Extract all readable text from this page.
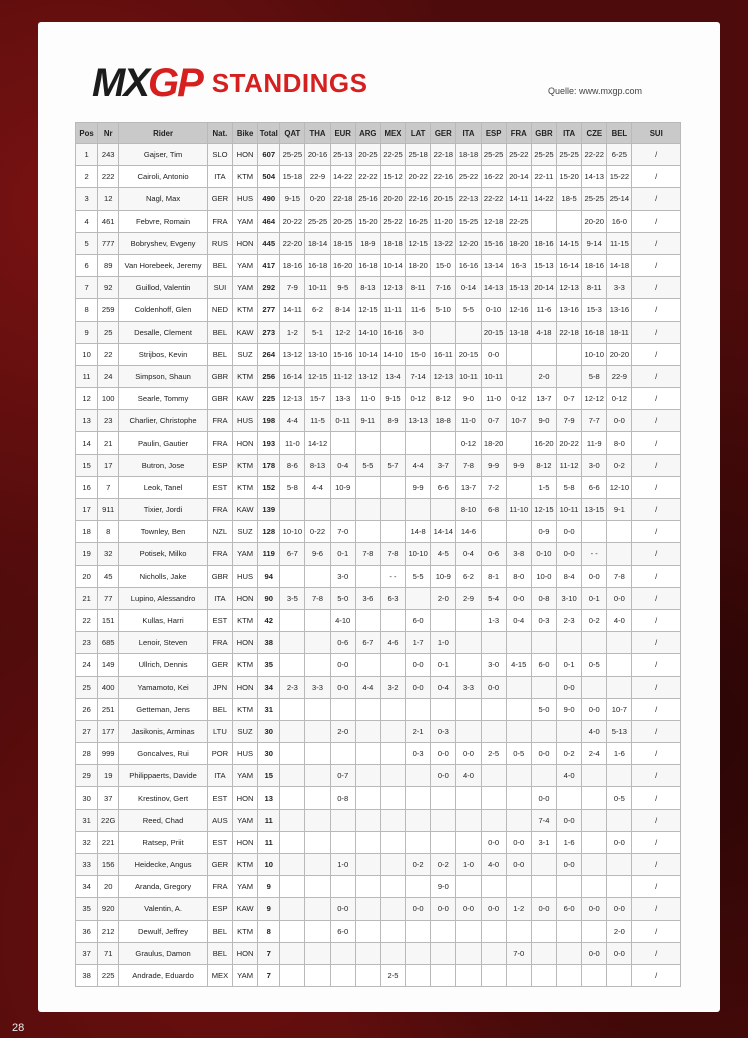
MX GP STANDINGS	Quelle: www.mxgp.com
Pos	Nr	Rider	Nat.	Bike	Total	QAT	THA	EUR	ARG	MEX	LAT	GER	ITA	ESP	FRA	GBR	ITA	CZE	BEL	SUI
1	243	Gajser, Tim	SLO	HON	607	25-25	20-16	25-13	20-25	22-25	25-18	22-18	18-18	25-25	25-22	25-25	25-25	22-22	6-25	/
2	222	Cairoli, Antonio	ITA	KTM	504	15-18	22-9	14-22	22-22	15-12	20-22	22-16	25-22	16-22	20-14	22-11	15-20	14-13	15-22	/
3	12	Nagl, Max	GER	HUS	490	9-15	0-20	22-18	25-16	20-20	22-16	20-15	22-13	22-22	14-11	14-22	18-5	25-25	25-14	/
4	461	Febvre, Romain	FRA	YAM	464	20-22	25-25	20-25	15-20	25-22	16-25	11-20	15-25	12-18	22-25			20-20	16-0	/
5	777	Bobryshev, Evgeny	RUS	HON	445	22-20	18-14	18-15	18-9	18-18	12-15	13-22	12-20	15-16	18-20	18-16	14-15	9-14	11-15	/
6	89	Van Horebeek, Jeremy	BEL	YAM	417	18-16	16-18	16-20	16-18	10-14	18-20	15-0	16-16	13-14	16-3	15-13	16-14	18-16	14-18	/
7	92	Guillod, Valentin	SUI	YAM	292	7-9	10-11	9-5	8-13	12-13	8-11	7-16	0-14	14-13	15-13	20-14	12-13	8-11	3-3	/
8	259	Coldenhoff, Glen	NED	KTM	277	14-11	6-2	8-14	12-15	11-11	11-6	5-10	5-5	0-10	12-16	11-6	13-16	15-3	13-16	/
9	25	Desalle, Clement	BEL	KAW	273	1-2	5-1	12-2	14-10	16-16	3-0			20-15	13-18	4-18	22-18	16-18	18-11	/
10	22	Strijbos, Kevin	BEL	SUZ	264	13-12	13-10	15-16	10-14	14-10	15-0	16-11	20-15	0-0				10-10	20-20	/
11	24	Simpson, Shaun	GBR	KTM	256	16-14	12-15	11-12	13-12	13-4	7-14	12-13	10-11	10-11		2-0		5-8	22-9	/
12	100	Searle, Tommy	GBR	KAW	225	12-13	15-7	13-3	11-0	9-15	0-12	8-12	9-0	11-0	0-12	13-7	0-7	12-12	0-12	/
13	23	Charlier, Christophe	FRA	HUS	198	4-4	11-5	0-11	9-11	8-9	13-13	18-8	11-0	0-7	10-7	9-0	7-9	7-7	0-0	/
14	21	Paulin, Gautier	FRA	HON	193	11-0	14-12						0-12	18-20		16-20	20-22	11-9	8-0	/
15	17	Butron, Jose	ESP	KTM	178	8-6	8-13	0-4	5-5	5-7	4-4	3-7	7-8	9-9	9-9	8-12	11-12	3-0	0-2	/
16	7	Leok, Tanel	EST	KTM	152	5-8	4-4	10-9			9-9	6-6	13-7	7-2		1-5	5-8	6-6	12-10	/
17	911	Tixier, Jordi	FRA	KAW	139								8-10	6-8	11-10	12-15	10-11	13-15	9-1	/
18	8	Townley, Ben	NZL	SUZ	128	10-10	0-22	7-0			14-8	14-14	14-6			0-9	0-0			/
19	32	Potisek, Milko	FRA	YAM	119	6-7	9-6	0-1	7-8	7-8	10-10	4-5	0-4	0-6	3-8	0-10	0-0	- -		/
20	45	Nicholls, Jake	GBR	HUS	94			3-0		- -	5-5	10-9	6-2	8-1	8-0	10-0	8-4	0-0	7-8	/
21	77	Lupino, Alessandro	ITA	HON	90	3-5	7-8	5-0	3-6	6-3		2-0	2-9	5-4	0-0	0-8	3-10	0-1	0-0	/
22	151	Kullas, Harri	EST	KTM	42			4-10			6-0			1-3	0-4	0-3	2-3	0-2	4-0	/
23	685	Lenoir, Steven	FRA	HON	38			0-6	6-7	4-6	1-7	1-0								/
24	149	Ullrich, Dennis	GER	KTM	35			0-0			0-0	0-1		3-0	4-15	6-0	0-1	0-5		/
25	400	Yamamoto, Kei	JPN	HON	34	2-3	3-3	0-0	4-4	3-2	0-0	0-4	3-3	0-0			0-0			/
26	251	Getteman, Jens	BEL	KTM	31											5-0	9-0	0-0	10-7	/
27	177	Jasikonis, Arminas	LTU	SUZ	30			2-0			2-1	0-3						4-0	5-13	/
28	999	Goncalves, Rui	POR	HUS	30						0-3	0-0	0-0	2-5	0-5	0-0	0-2	2-4	1-6	/
29	19	Philippaerts, Davide	ITA	YAM	15			0-7				0-0	4-0				4-0			/
30	37	Krestinov, Gert	EST	HON	13			0-8								0-0			0-5	/
31	22G	Reed, Chad	AUS	YAM	11											7-4	0-0			/
32	221	Ratsep, Priit	EST	HON	11									0-0	0-0	3-1	1-6		0-0	/
33	156	Heidecke, Angus	GER	KTM	10			1-0			0-2	0-2	1-0	4-0	0-0		0-0			/
34	20	Aranda, Gregory	FRA	YAM	9							9-0								/
35	920	Valentin, A.	ESP	KAW	9			0-0			0-0	0-0	0-0	0-0	1-2	0-0	6-0	0-0	0-0	/
36	212	Dewulf, Jeffrey	BEL	KTM	8			6-0											2-0	/
37	71	Graulus, Damon	BEL	HON	7										7-0			0-0	0-0	/
38	225	Andrade, Eduardo	MEX	YAM	7					2-5										/
28
